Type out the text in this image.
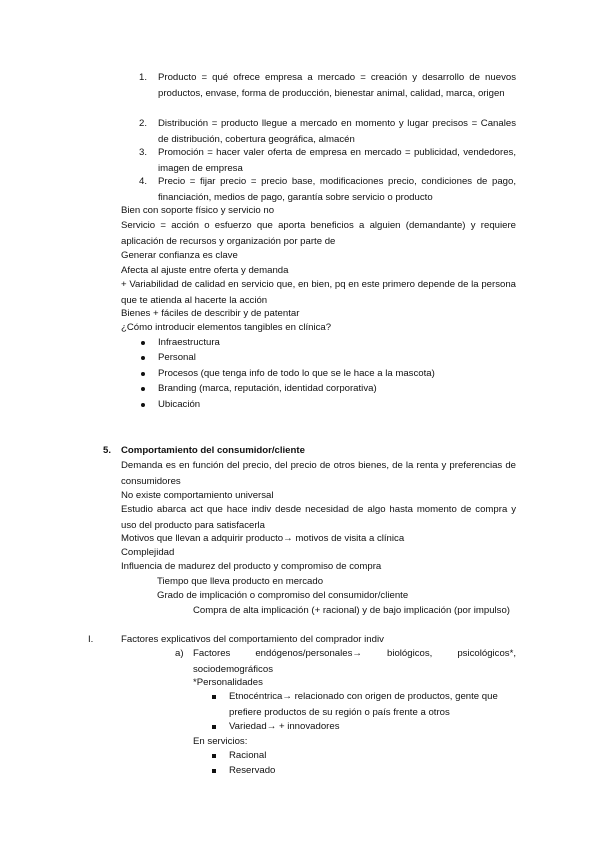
1. Producto = qué ofrece empresa a mercado = creación y desarrollo de nuevos productos, envase, forma de producción, bienestar animal, calidad, marca, origen
2. Distribución = producto llegue a mercado en momento y lugar precisos = Canales de distribución, cobertura geográfica, almacén
3. Promoción = hacer valer oferta de empresa en mercado = publicidad, vendedores, imagen de empresa
4. Precio = fijar precio = precio base, modificaciones precio, condiciones de pago, financiación, medios de pago, garantía sobre servicio o producto
Bien con soporte físico y servicio no
Servicio = acción o esfuerzo que aporta beneficios a alguien (demandante) y requiere aplicación de recursos y organización por parte de
Generar confianza es clave
Afecta al ajuste entre oferta y demanda
+ Variabilidad de calidad en servicio que, en bien, pq en este primero depende de la persona que te atienda al hacerte la acción
Bienes + fáciles de describir y de patentar
¿Cómo introducir elementos tangibles en clínica?
Infraestructura
Personal
Procesos (que tenga info de todo lo que se le hace a la mascota)
Branding (marca, reputación, identidad corporativa)
Ubicación
5. Comportamiento del consumidor/cliente
Demanda es en función del precio, del precio de otros bienes, de la renta y preferencias de consumidores
No existe comportamiento universal
Estudio abarca act que hace indiv desde necesidad de algo hasta momento de compra y uso del producto para satisfacerla
Motivos que llevan a adquirir producto→ motivos de visita a clínica
Complejidad
Influencia de madurez del producto y compromiso de compra
Tiempo que lleva producto en mercado
Grado de implicación o compromiso del consumidor/cliente
Compra de alta implicación (+ racional) y de bajo implicación (por impulso)
I.	Factores explicativos del comportamiento del comprador indiv
a) Factores endógenos/personales→ biológicos, psicológicos*, sociodemográficos
*Personalidades
Etnocéntrica→ relacionado con origen de productos, gente que prefiere productos de su región o país frente a otros
Variedad→ + innovadores
En servicios:
Racional
Reservado
